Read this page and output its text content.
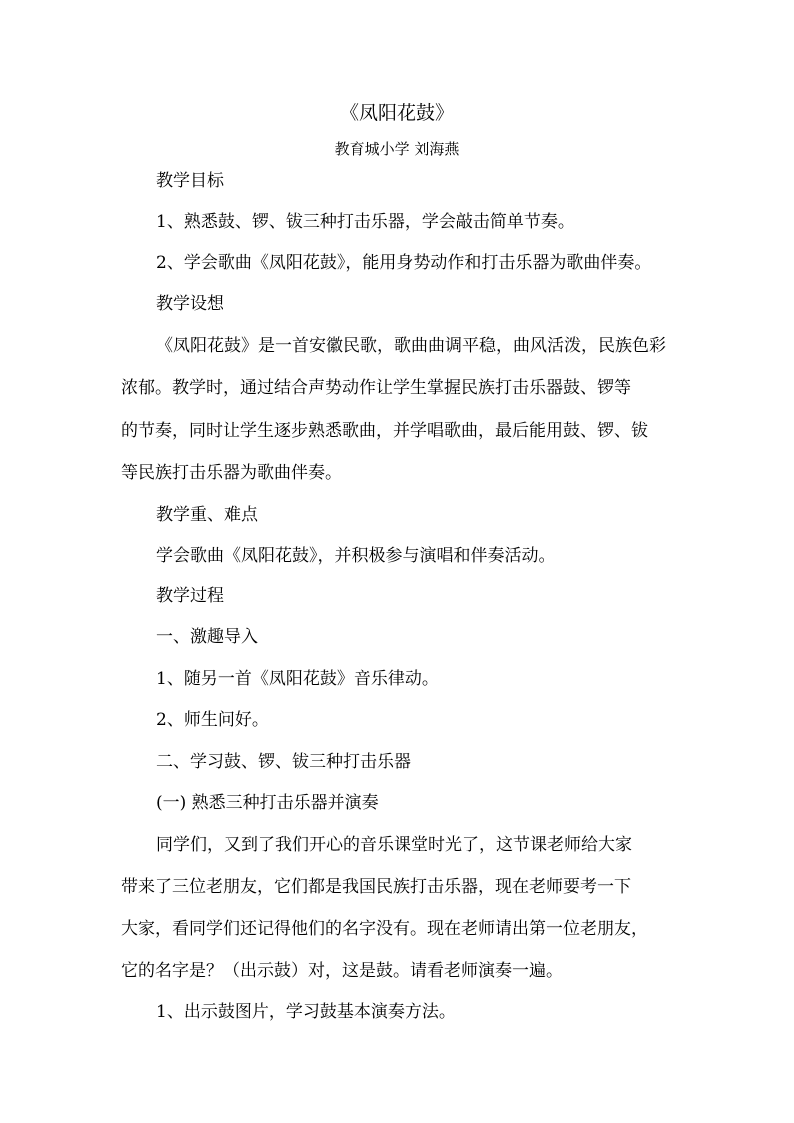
《凤阳花鼓》

教育城小学 刘海燕

教学目标

1、熟悉鼓、锣、钹三种打击乐器，学会敲击简单节奏。

2、学会歌曲《凤阳花鼓》，能用身势动作和打击乐器为歌曲伴奏。

教学设想

《凤阳花鼓》是一首安徽民歌，歌曲曲调平稳，曲风活泼，民族色彩

浓郁。教学时，通过结合声势动作让学生掌握民族打击乐器鼓、锣等

的节奏，同时让学生逐步熟悉歌曲，并学唱歌曲，最后能用鼓、锣、钹

等民族打击乐器为歌曲伴奏。

教学重、难点

学会歌曲《凤阳花鼓》，并积极参与演唱和伴奏活动。

教学过程

一、激趣导入

1、随另一首《凤阳花鼓》音乐律动。

2、师生问好。

二、学习鼓、锣、钹三种打击乐器

(一) 熟悉三种打击乐器并演奏

同学们，又到了我们开心的音乐课堂时光了，这节课老师给大家

带来了三位老朋友，它们都是我国民族打击乐器，现在老师要考一下

大家，看同学们还记得他们的名字没有。现在老师请出第一位老朋友，

它的名字是？（出示鼓）对，这是鼓。请看老师演奏一遍。

1、出示鼓图片，学习鼓基本演奏方法。
